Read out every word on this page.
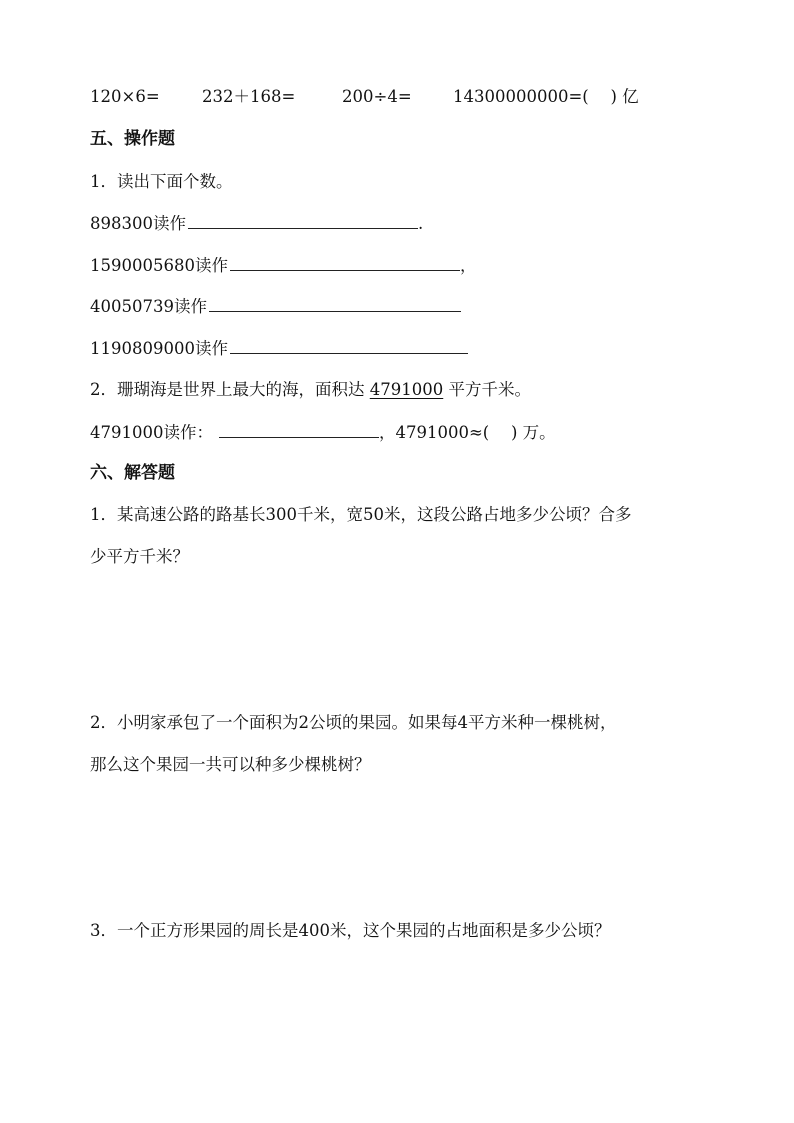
120×6=	232＋168=	200÷4=	14300000000=(　 ) 亿
五、操作题
1．读出下面个数。
898300读作	.
1590005680读作	，
40050739读作
1190809000读作
2．珊瑚海是世界上最大的海，面积达 4791000 平方千米。
4791000读作：	，4791000≈(　 ) 万。
六、解答题
1．某高速公路的路基长300千米，宽50米，这段公路占地多少公顷？合多
少平方千米？
2．小明家承包了一个面积为2公顷的果园。如果每4平方米种一棵桃树，
那么这个果园一共可以种多少棵桃树？
3．一个正方形果园的周长是400米，这个果园的占地面积是多少公顷？
